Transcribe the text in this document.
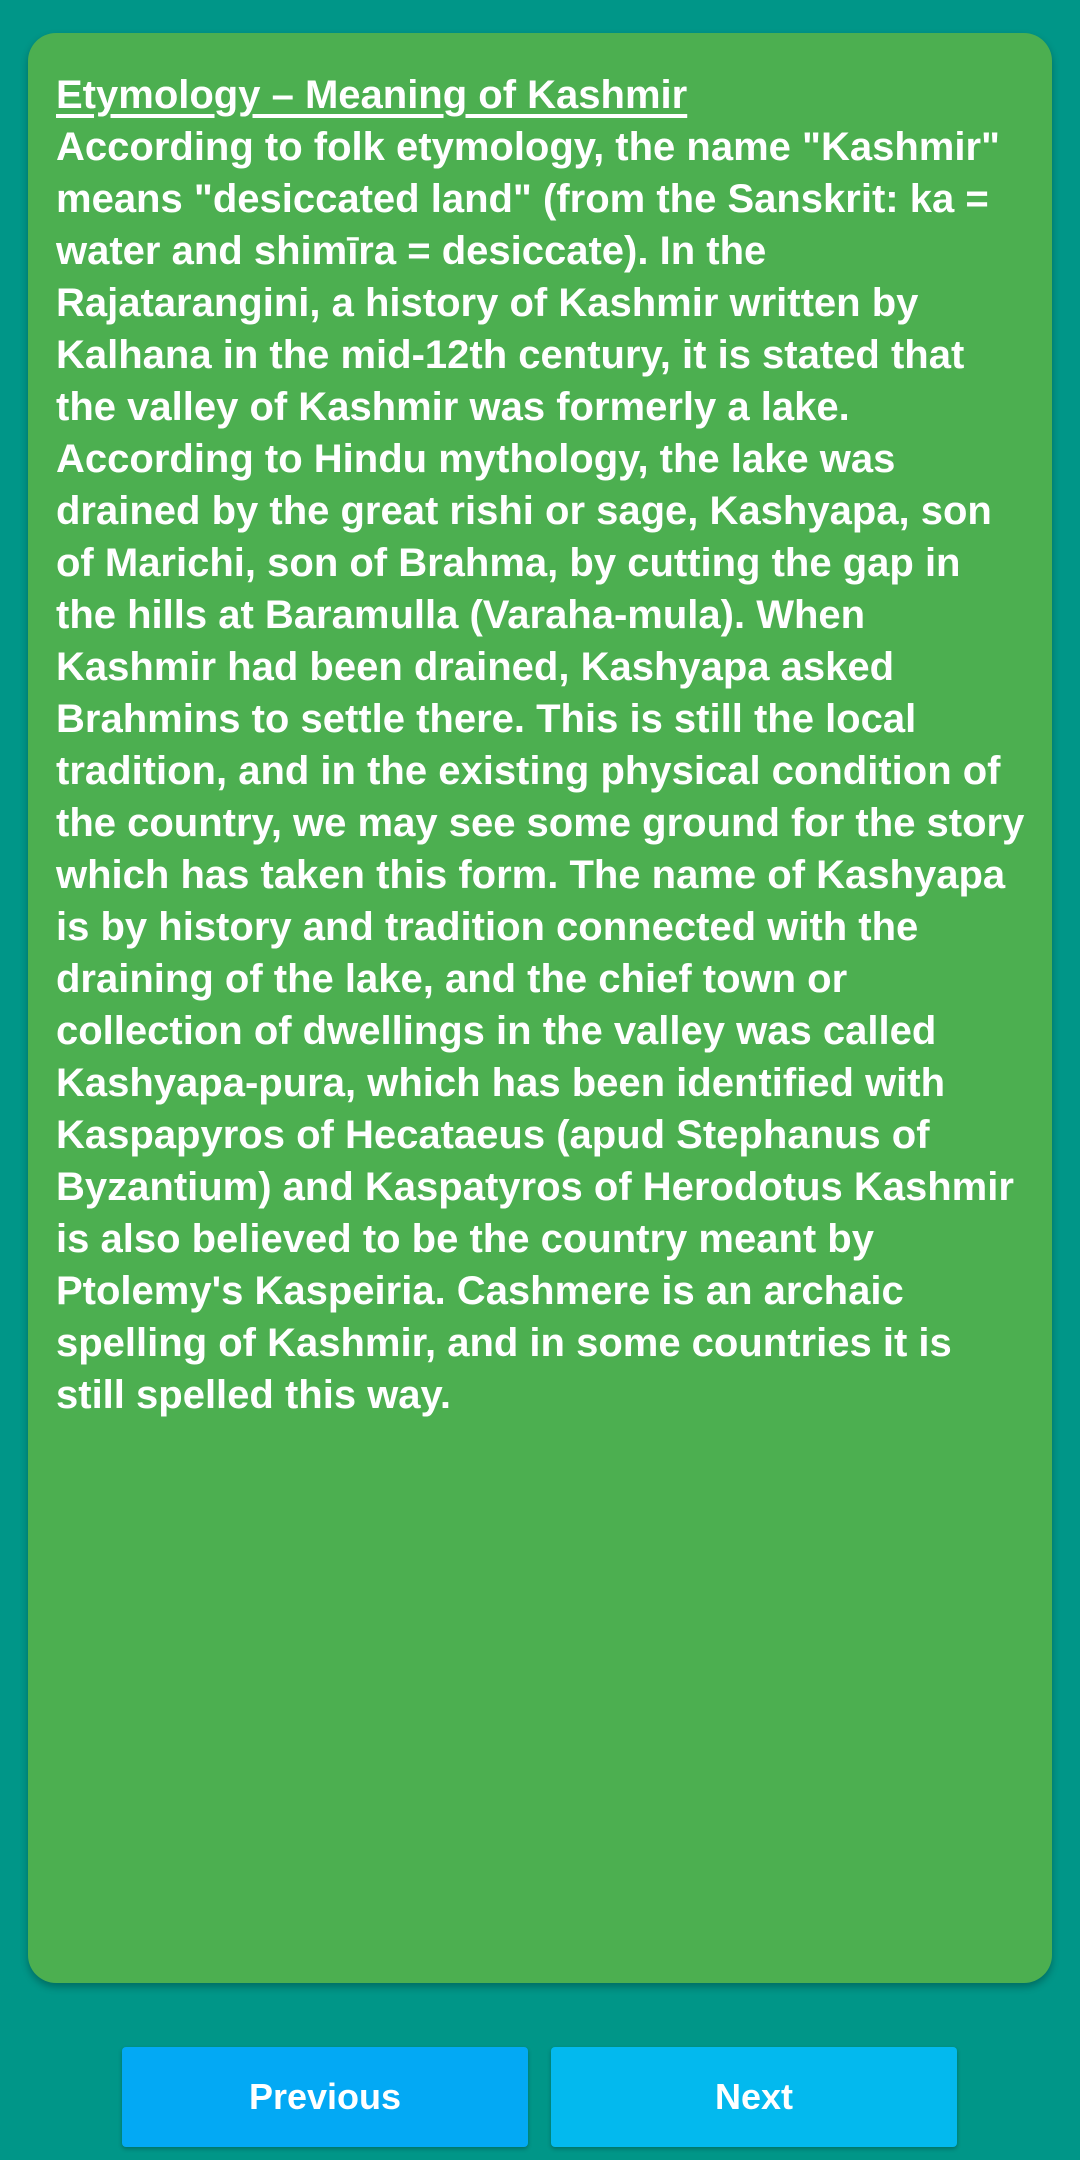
Etymology – Meaning of Kashmir
According to folk etymology, the name "Kashmir" means "desiccated land" (from the Sanskrit: ka = water and shimīra = desiccate). In the Rajatarangini, a history of Kashmir written by Kalhana in the mid-12th century, it is stated that the valley of Kashmir was formerly a lake. According to Hindu mythology, the lake was drained by the great rishi or sage, Kashyapa, son of Marichi, son of Brahma, by cutting the gap in the hills at Baramulla (Varaha-mula). When Kashmir had been drained, Kashyapa asked Brahmins to settle there. This is still the local tradition, and in the existing physical condition of the country, we may see some ground for the story which has taken this form. The name of Kashyapa is by history and tradition connected with the draining of the lake, and the chief town or collection of dwellings in the valley was called Kashyapa-pura, which has been identified with Kaspapyros of Hecataeus (apud Stephanus of Byzantium) and Kaspatyros of Herodotus Kashmir is also believed to be the country meant by Ptolemy's Kaspeiria. Cashmere is an archaic spelling of Kashmir, and in some countries it is still spelled this way.
Previous	Next
